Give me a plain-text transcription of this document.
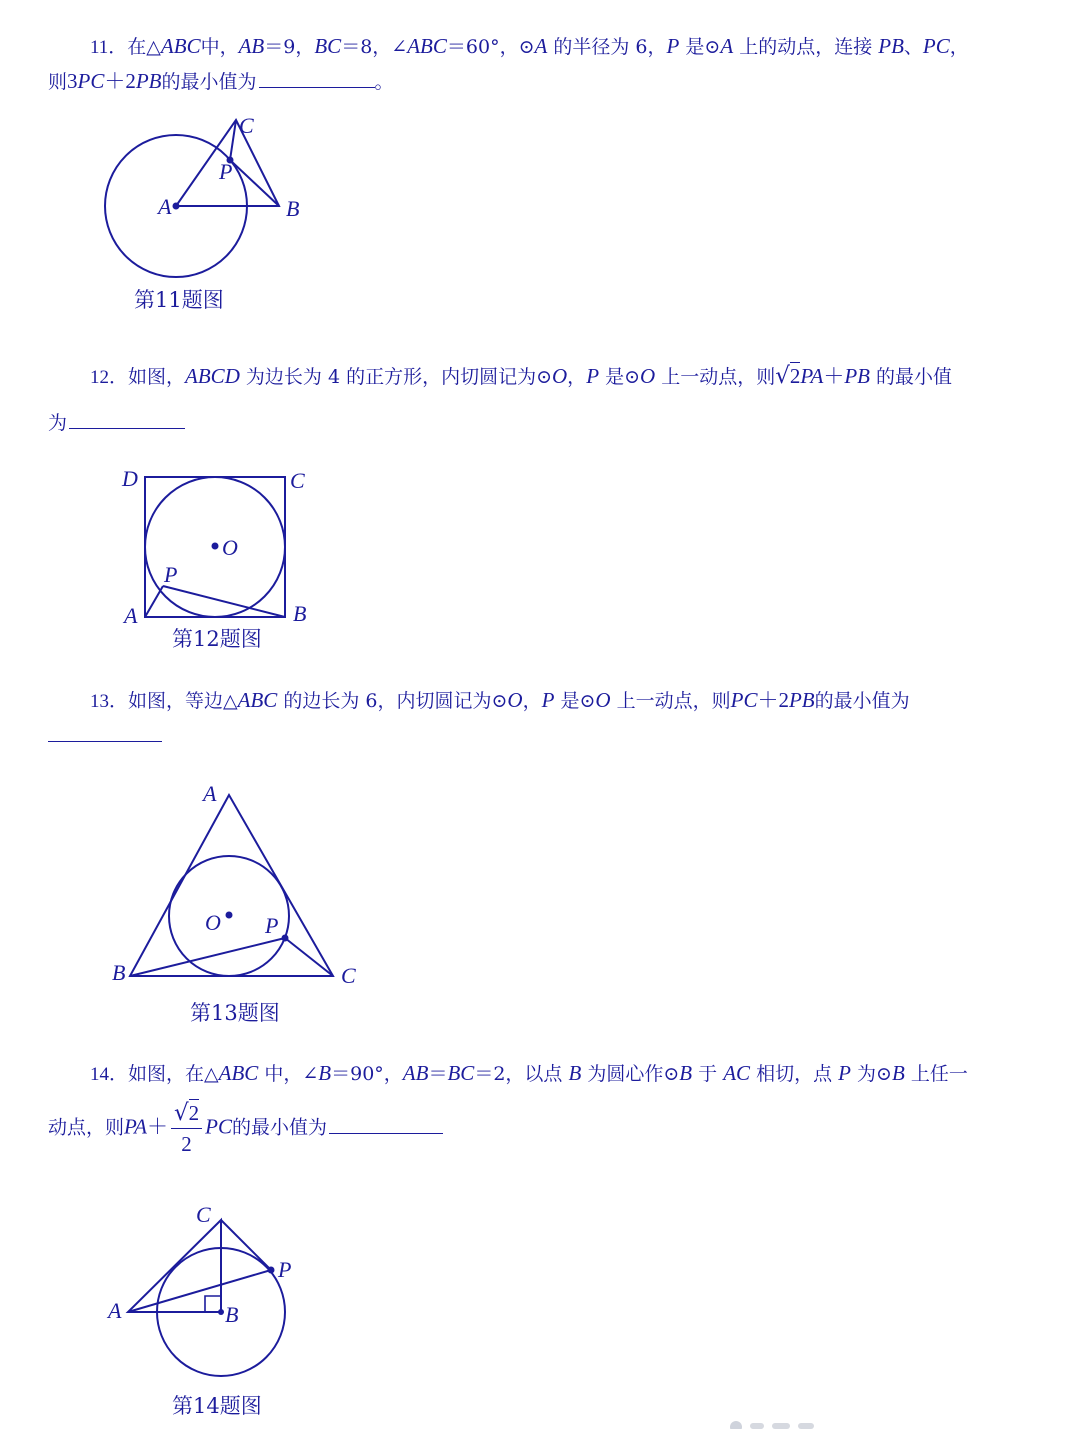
11．在△ABC中，AB＝9，BC＝8，∠ABC＝60°，⊙A 的半径为 6，P 是⊙A 上的动点，连接 PB、PC，
则3PC＋2PB的最小值为	。
C
P
A	B
第11题图
12．如图，ABCD 为边长为 4 的正方形，内切圆记为⊙O，P 是⊙O 上一动点，则√2PA＋PB 的最小值
为
D	C
O
P
A	B
第12题图
13．如图，等边△ABC 的边长为 6，内切圆记为⊙O，P 是⊙O 上一动点，则PC＋2PB的最小值为
A
O P
B	C
第13题图
14．如图，在△ABC 中，∠B＝90°，AB＝BC＝2，以点 B 为圆心作⊙B 于 AC 相切，点 P 为⊙B 上任一
动点，则$PA+ \frac{√2}{2}$ PC的最小值为
C
P
A	B
第14题图
